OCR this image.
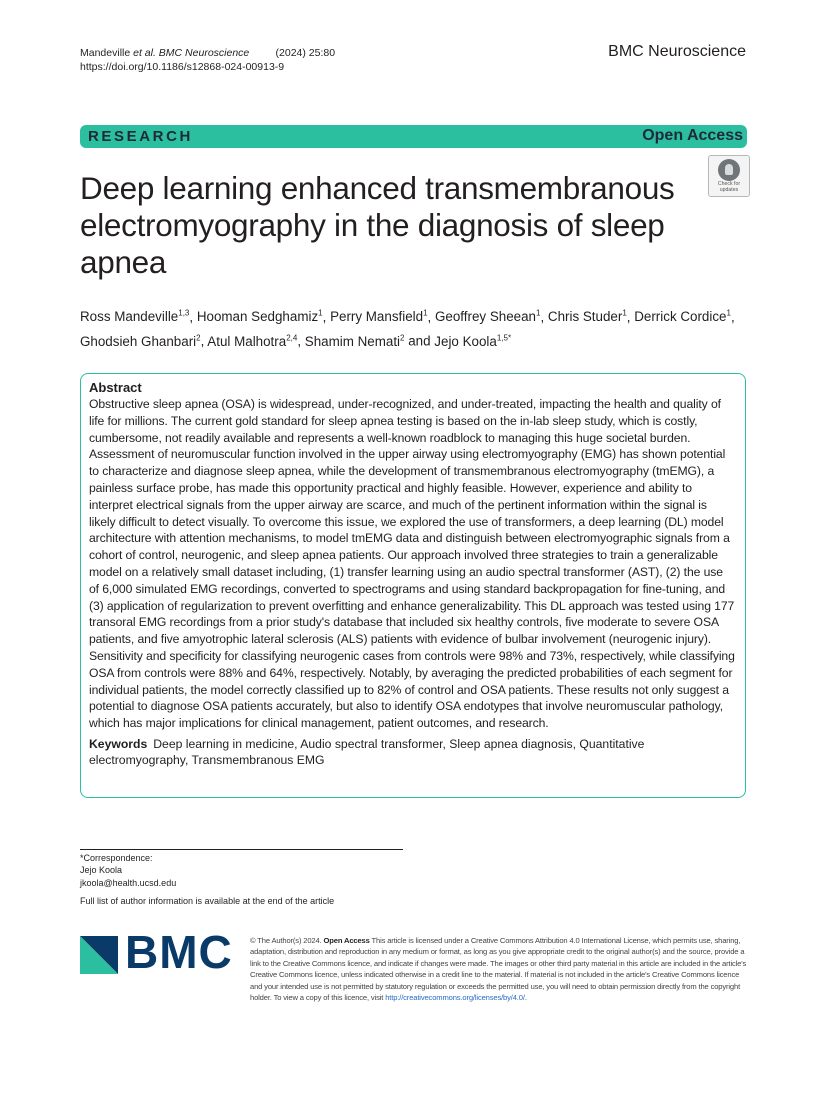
Mandeville et al. BMC Neuroscience	(2024) 25:80
https://doi.org/10.1186/s12868-024-00913-9
BMC Neuroscience
RESEARCH	Open Access
Deep learning enhanced transmembranous electromyography in the diagnosis of sleep apnea
Check for
updates
Ross Mandeville$^{1,3}$, Hooman Sedghamiz$^1$, Perry Mansfield$^1$, Geoffrey Sheean$^1$, Chris Studer$^1$, Derrick Cordice$^1$, Ghodsieh Ghanbari$^2$, Atul Malhotra$^{2,4}$, Shamim Nemati$^2$ and Jejo Koola$^{1,5*}$
Abstract

Obstructive sleep apnea (OSA) is widespread, under-recognized, and under-treated, impacting the health and quality of life for millions. The current gold standard for sleep apnea testing is based on the in-lab sleep study, which is costly, cumbersome, not readily available and represents a well-known roadblock to managing this huge societal burden. Assessment of neuromuscular function involved in the upper airway using electromyography (EMG) has shown potential to characterize and diagnose sleep apnea, while the development of transmembranous electromyography (tmEMG), a painless surface probe, has made this opportunity practical and highly feasible. However, experience and ability to interpret electrical signals from the upper airway are scarce, and much of the pertinent information within the signal is likely difficult to detect visually. To overcome this issue, we explored the use of transformers, a deep learning (DL) model architecture with attention mechanisms, to model tmEMG data and distinguish between electromyographic signals from a cohort of control, neurogenic, and sleep apnea patients. Our approach involved three strategies to train a generalizable model on a relatively small dataset including, (1) transfer learning using an audio spectral transformer (AST), (2) the use of 6,000 simulated EMG recordings, converted to spectrograms and using standard backpropagation for fine-tuning, and (3) application of regularization to prevent overfitting and enhance generalizability. This DL approach was tested using 177 transoral EMG recordings from a prior study's database that included six healthy controls, five moderate to severe OSA patients, and five amyotrophic lateral sclerosis (ALS) patients with evidence of bulbar involvement (neurogenic injury). Sensitivity and specificity for classifying neurogenic cases from controls were 98% and 73%, respectively, while classifying OSA from controls were 88% and 64%, respectively. Notably, by averaging the predicted probabilities of each segment for individual patients, the model correctly classified up to 82% of control and OSA patients. These results not only suggest a potential to diagnose OSA patients accurately, but also to identify OSA endotypes that involve neuromuscular pathology, which has major implications for clinical management, patient outcomes, and research.

Keywords Deep learning in medicine, Audio spectral transformer, Sleep apnea diagnosis, Quantitative electromyography, Transmembranous EMG
*Correspondence:
Jejo Koola
jkoola@health.ucsd.edu
Full list of author information is available at the end of the article
BMC © The Author(s) 2024. Open Access This article is licensed under a Creative Commons Attribution 4.0 International License, which permits use, sharing, adaptation, distribution and reproduction in any medium or format, as long as you give appropriate credit to the original author(s) and the source, provide a link to the Creative Commons licence, and indicate if changes were made. The images or other third party material in this article are included in the article's Creative Commons licence, unless indicated otherwise in a credit line to the material. If material is not included in the article's Creative Commons licence and your intended use is not permitted by statutory regulation or exceeds the permitted use, you will need to obtain permission directly from the copyright holder. To view a copy of this licence, visit http://creativecommons.org/licenses/by/4.0/.
